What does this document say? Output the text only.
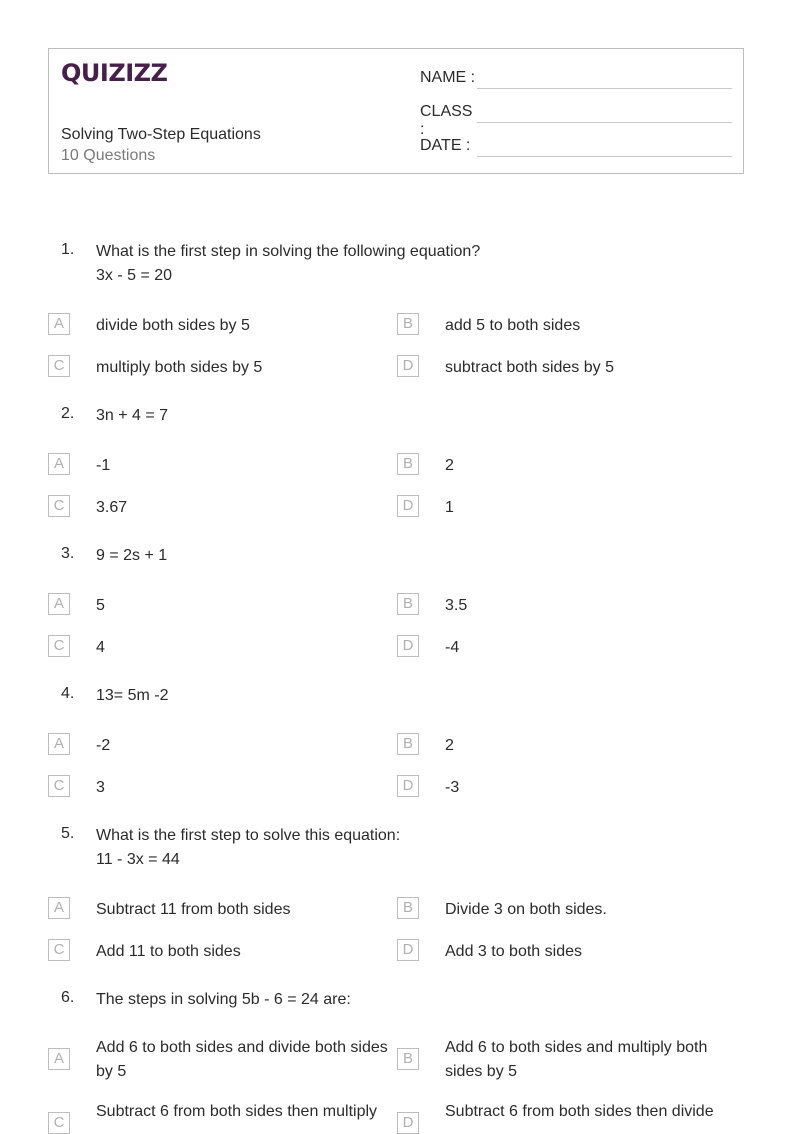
QUIZIZZ
Solving Two-Step Equations
10 Questions
NAME :
CLASS :
DATE :
1. What is the first step in solving the following equation?
3x - 5 = 20
A	divide both sides by 5	B	add 5 to both sides
C	multiply both sides by 5	D	subtract both sides by 5
2. 3n + 4 = 7
A	-1	B	2
C	3.67	D	1
3. 9 = 2s + 1
A	5	B	3.5
C	4	D	-4
4. 13= 5m -2
A	-2	B	2
C	3	D	-3
5. What is the first step to solve this equation:
11 - 3x = 44
A	Subtract 11 from both sides	B	Divide 3 on both sides.
C	Add 11 to both sides	D	Add 3 to both sides
6. The steps in solving 5b - 6 = 24 are:
A
Add 6 to both sides and divide both sides by 5
B
Add 6 to both sides and multiply both sides by 5
C
Subtract 6 from both sides then multiply
D
Subtract 6 from both sides then divide
